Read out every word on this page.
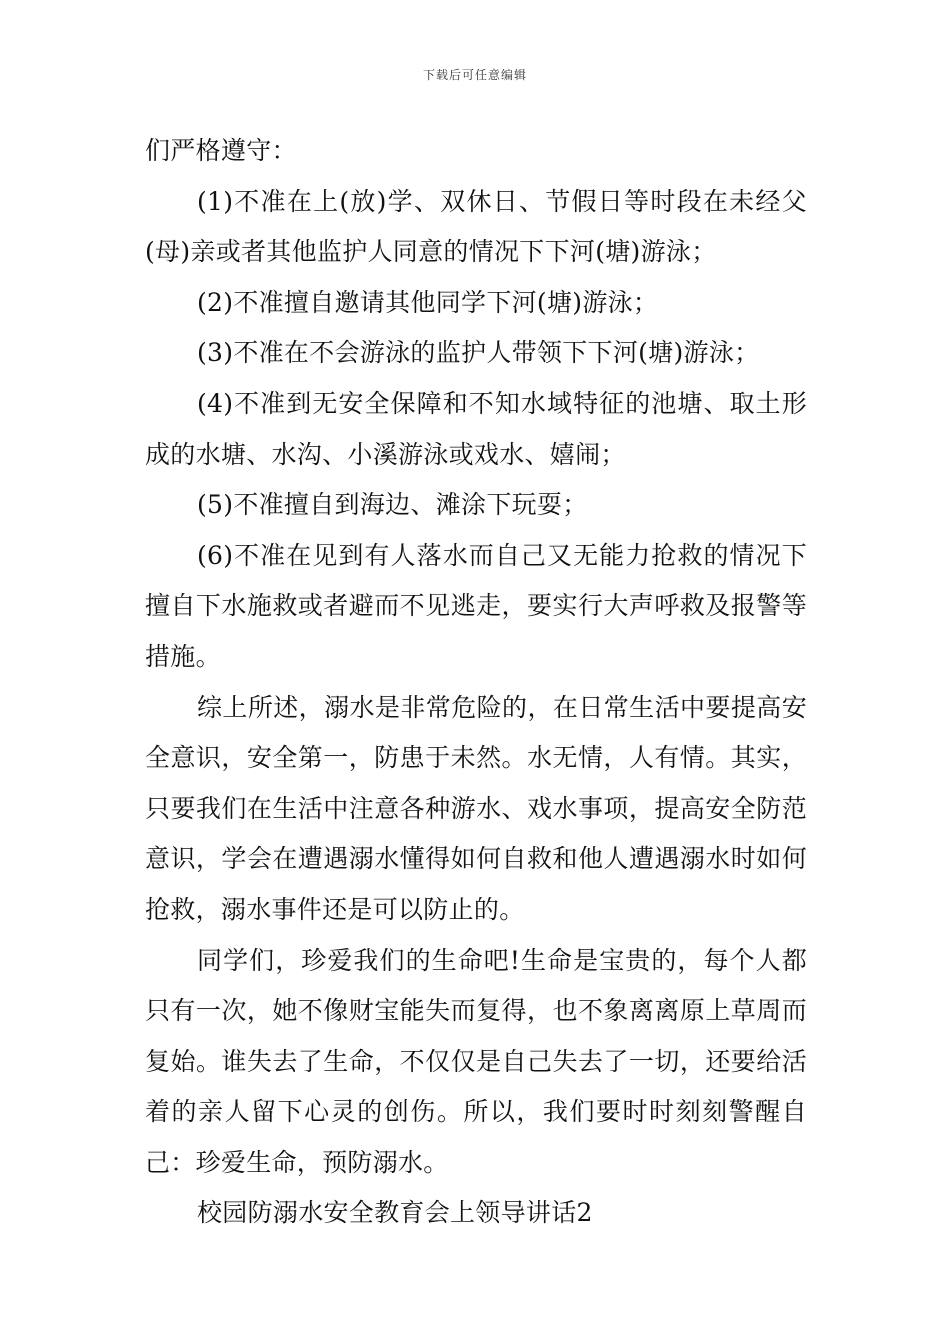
下载后可任意编辑

们严格遵守：

(1)不准在上(放)学、双休日、节假日等时段在未经父(母)亲或者其他监护人同意的情况下下河(塘)游泳；

(2)不准擅自邀请其他同学下河(塘)游泳；

(3)不准在不会游泳的监护人带领下下河(塘)游泳；

(4)不准到无安全保障和不知水域特征的池塘、取土形成的水塘、水沟、小溪游泳或戏水、嬉闹；

(5)不准擅自到海边、滩涂下玩耍；

(6)不准在见到有人落水而自己又无能力抢救的情况下擅自下水施救或者避而不见逃走，要实行大声呼救及报警等措施。

综上所述，溺水是非常危险的，在日常生活中要提高安全意识，安全第一，防患于未然。水无情，人有情。其实，只要我们在生活中注意各种游水、戏水事项，提高安全防范意识，学会在遭遇溺水懂得如何自救和他人遭遇溺水时如何抢救，溺水事件还是可以防止的。

同学们，珍爱我们的生命吧!生命是宝贵的，每个人都只有一次，她不像财宝能失而复得，也不象离离原上草周而复始。谁失去了生命，不仅仅是自己失去了一切，还要给活着的亲人留下心灵的创伤。所以，我们要时时刻刻警醒自己：珍爱生命，预防溺水。

校园防溺水安全教育会上领导讲话2
